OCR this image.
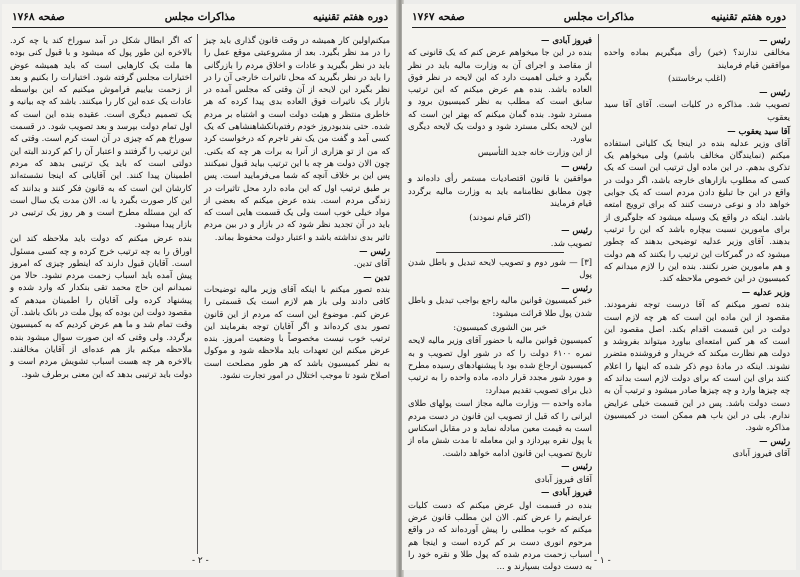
دوره هفتم تقنینیه
مذاکرات مجلس
صفحه ۱۷۶۸

میکنم‌اولین کار همیشه در وقت قانون گذاری باید چیز را در مد نظر بگیرد. بعد از مشروعیتی موقع عمل را باید در نظر بگیرید و عادات و اخلاق مردم را بازرگانی را باید در نظر بگیرید که محل تاثیرات خارجی آن را در نظر بگیرد این لایحه از آن وقتی که مجلس آمده در بازار یک ناثیرات فوق العاده بدی پیدا کرده که هر خاطری منتظر و هیئت دولت است و اشتباه بر مردم شده. حتی بندبودروز خودم رفتم‌بانکشاهنشاهی که یک کسی آمد و گفت من یک نفر تاجرم که درخواست کرد که من از تو هزاری از آنرا به برات هر چه که بکنی. چون الان دولت هر چه با این ترتیب بیاید قبول نمیکنند پس این بر خلاف آنچه که شما می‌فرمایید است. پس بر طبق ترتیب اول که این ماده دارد محل تاثیرات در زندگی مردم است. بنده عرض میکنم که بعضی از مواد خیلی خوب است ولی یک قسمت هایی است که باید در آن تجدید نظر شود که در بازار و در بین مردم تاثیر بدی نداشته باشد و اعتبار دولت محفوظ بماند.

رئیس —
آقای تدین.

تدین —
بنده تصور میکنم با اینکه آقای وزیر مالیه توضیحات کافی دادند ولی باز هم لازم است یک قسمتی را عرض کنم. موضوع این است که مردم از این قانون تصور بدی کرده‌اند و اگر آقایان توجه بفرمایند این ترتیب خوب نیست مخصوصاً با وضعیت امروز. بنده عرض میکنم این تعهدات باید ملاحظه شود و موکول به نظر کمیسیون باشد که هر طور مصلحت است اصلاح شود تا موجب اختلال در امور تجارت نشود.

که اگر ابطال شکل در آمد سوراخ کند یا چه کرد. بالاخره این طور پول که میشود و با قبول کنی بوده ها ملت یک کارهایی است که باید همیشه عوض اختیارات مجلس گرفته شود. اختیارات را بکنیم و بعد از زحمت بیاییم فراموش میکنیم که این بواسطه عادات یک عده این کار را میکنند. باشد که چه بیانیه و یک تصمیم دیگری است. عقیده بنده این است که اول تمام دولت بپرسد و بعد تصویب شود. در قسمت سوراخ هم که چیزی در آن است کرم است. وقتی که این ترتیب را گرفتند و اعتبار آن را کم کردند البته این دولتی است که باید یک ترتیبی بدهد که مردم اطمینان پیدا کنند. این آقایانی که اینجا نشسته‌اند کارشان این است که به قانون فکر کنند و بدانند که این کار صورت بگیرد یا نه. الان مدت یک سال است که این مسئله مطرح است و هر روز یک ترتیبی در بازار پیدا میشود.

بنده عرض میکنم که دولت باید ملاحظه کند این اوراق را به چه ترتیب خرج کرده و چه کسی مسئول است. آقایان قبول دارند که اینطور چیزی که امروز پیش آمده باید اسباب زحمت مردم نشود. حالا من نمیدانم این حاج محمد تقی بنکدار که وارد شده و پیشنهاد کرده ولی آقایان را اطمینان میدهم که مقصود دولت این بوده که پول ملت در بانک باشد. آن وقت تمام شد و ما هم عرض کردیم که به کمیسیون برگردد. ولی وقتی که این صورت سوال میشود بنده ملاحظه میکنم باز هم عده‌ای از آقایان مخالفند. بالاخره هر چه هست اسباب تشویش مردم است و دولت باید ترتیبی بدهد که این معنی برطرف شود.

- ۲ -
دوره هفتم تقنینیه
مذاکرات مجلس
صفحه ۱۷۶۷

رئیس —
مخالفی ندارند؟ (خیر) رأی میگیریم بماده واحده موافقین قیام فرمایند

(اغلب برخاستند)

رئیس —
تصویب شد. مذاکره در کلیات است. آقای آقا سید یعقوب

آقا سید یعقوب —
آقای وزیر عدلیه بنده در اینجا یک کلیاتی استفاده میکنم (نمایندگان مخالف باشم) ولی میخواهم یک تذکری بدهم. در این ماده اول ترتیب این است که یک کسی که مطلوب بازارهای خارجه باشد، اگر دولت در واقع در این جا تبلیغ دادن مردم است که یک جوابی خواهد داد و نوعی درست کنند که برای ترویج امتعه باشد. اینکه در واقع یک وسیله میشود که جلوگیری از برای مامورین نسبت بیچاره باشد که این را ترتیب بدهند. آقای وزیر عدلیه توضیحی بدهند که چطور میشود که در گمرکات این ترتیب را بکنند که هم دولت و هم مامورین ضرر نکنند. بنده این را لازم میدانم که کمیسیون در این خصوص ملاحظه کند.

وزیر عدلیه —
بنده تصور میکنم که آقا درست توجه نفرمودند. مقصود از این ماده این است که هر چه لازم است دولت در این قسمت اقدام بکند. اصل مقصود این است که هر کس امتعه‌ای بیاورد میتواند بفروشد و دولت هم نظارت میکند که خریدار و فروشنده متضرر نشوند. اینکه در مادۀ دوم ذکر شده که اینها را اعلام کنند برای این است که برای دولت لازم است بداند که چه چیزها وارد و چه چیزها صادر میشود و ترتیب آن به دست دولت باشد. پس در این قسمت خیلی عرایض ندارم. بلی در این باب هم ممکن است در کمیسیون مذاکره شود.

رئیس —
آقای فیروز آبادی

فیروز آبادی —
بنده در این جا میخواهم عرض کنم که یک قانونی که از مقاصد و اجرای آن به وزارت مالیه باید در نظر بگیرد و خیلی اهمیت دارد که این لایحه در نظر فوق العاده باشد. بنده هم عرض میکنم که این ترتیب سابق است که مطلب به نظر کمیسیون برود و مسترد شود. بنده گمان میکنم که بهتر این است که این لایحه بکلی مسترد شود و دولت یک لایحه دیگری بیاورد.

از این وزارت خانه جدید التأسیس

رئیس —
موافقین با قانون اقتصادیات مستمر رأی داده‌اند و چون مطابق نظامنامه باید به وزارت مالیه برگردد قیام فرمایند

(اکثر قیام نمودند)

رئیس —
تصویب شد.

[۳] — شور دوم و تصویب لایحه تبدیل و باطل شدن پول

رئیس —
خبر کمیسیون قوانین مالیه راجع بواجب تبدیل و باطل شدن پول طلا قرائت میشود:

خبر بین الشوری کمیسیون:

کمیسیون قوانین مالیه با حضور آقای وزیر مالیه لایحه نمره ۶۱۰۰ دولت را که در شور اول تصویب و به کمیسیون ارجاع شده بود با پیشنهادهای رسیده مطرح و مورد شور مجدد قرار داده، ماده واحده را به ترتیب ذیل برای تصویب تقدیم میدارد:

ماده واحده — وزارت مالیه مجاز است پولهای طلای ایرانی را که قبل از تصویب این قانون در دست مردم است به قیمت معین مبادله نماید و در مقابل اسکناس یا پول نقره بپردازد و این معامله تا مدت شش ماه از تاریخ تصویب این قانون ادامه خواهد داشت.

رئیس —
آقای فیروز آبادی

فیروز آبادی —
بنده در قسمت اول عرض میکنم که دست کلیات عرایضم را عرض کنم. الان این مطلب قانون عرض میکنم که خوب مطلبی را پیش آورده‌اند که در واقع مرحوم انوری دست بر کم کرده است و اینجا هم اسباب زحمت مردم شده که پول طلا و نقره خود را به دست دولت بسپارند و ...

- ۱ -
